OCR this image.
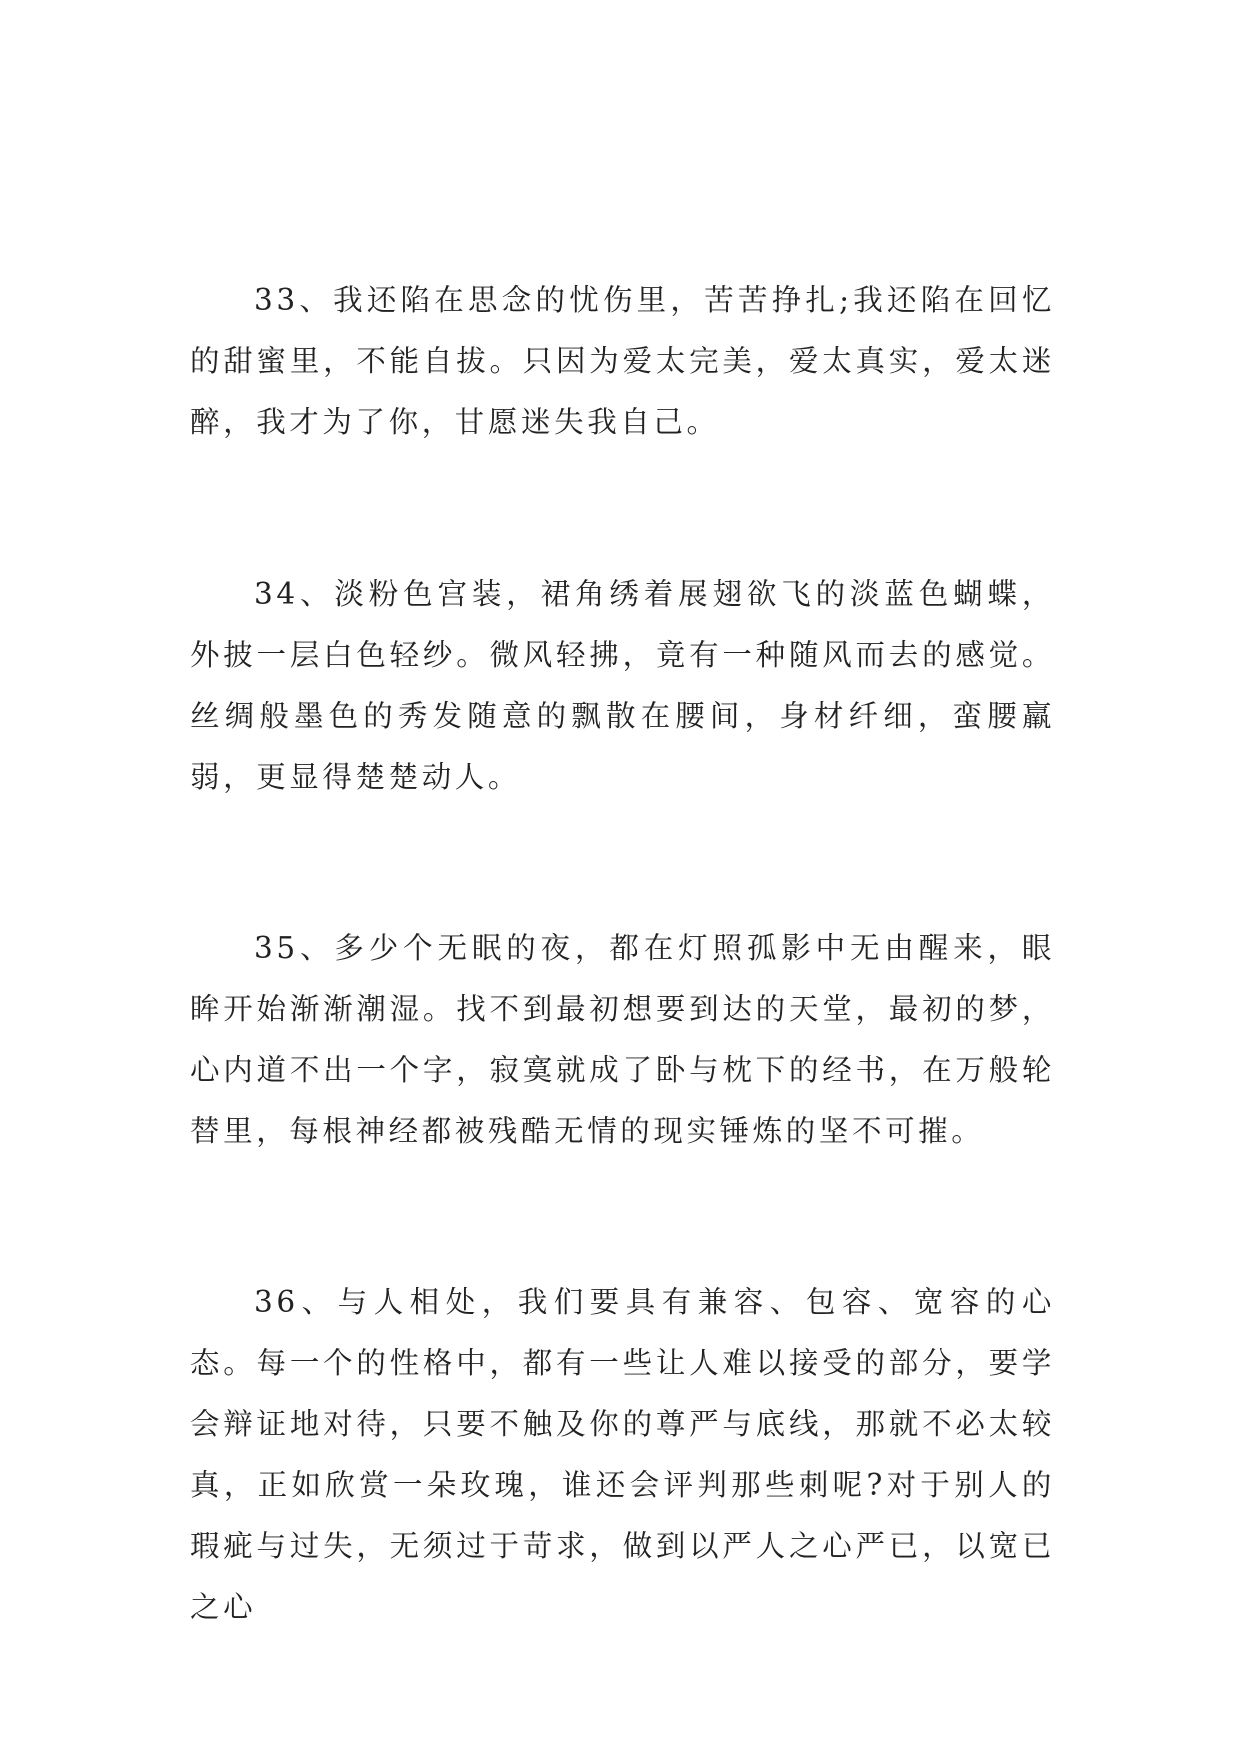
33、我还陷在思念的忧伤里，苦苦挣扎;我还陷在回忆的甜蜜里，不能自拔。只因为爱太完美，爱太真实，爱太迷醉，我才为了你，甘愿迷失我自己。

34、淡粉色宫装，裙角绣着展翅欲飞的淡蓝色蝴蝶，外披一层白色轻纱。微风轻拂，竟有一种随风而去的感觉。丝绸般墨色的秀发随意的飘散在腰间，身材纤细，蛮腰羸弱，更显得楚楚动人。

35、多少个无眠的夜，都在灯照孤影中无由醒来，眼眸开始渐渐潮湿。找不到最初想要到达的天堂，最初的梦，心内道不出一个字，寂寞就成了卧与枕下的经书，在万般轮替里，每根神经都被残酷无情的现实锤炼的坚不可摧。

36、与人相处，我们要具有兼容、包容、宽容的心态。每一个的性格中，都有一些让人难以接受的部分，要学会辩证地对待，只要不触及你的尊严与底线，那就不必太较真，正如欣赏一朵玫瑰，谁还会评判那些刺呢?对于别人的瑕疵与过失，无须过于苛求，做到以严人之心严已，以宽已之心
